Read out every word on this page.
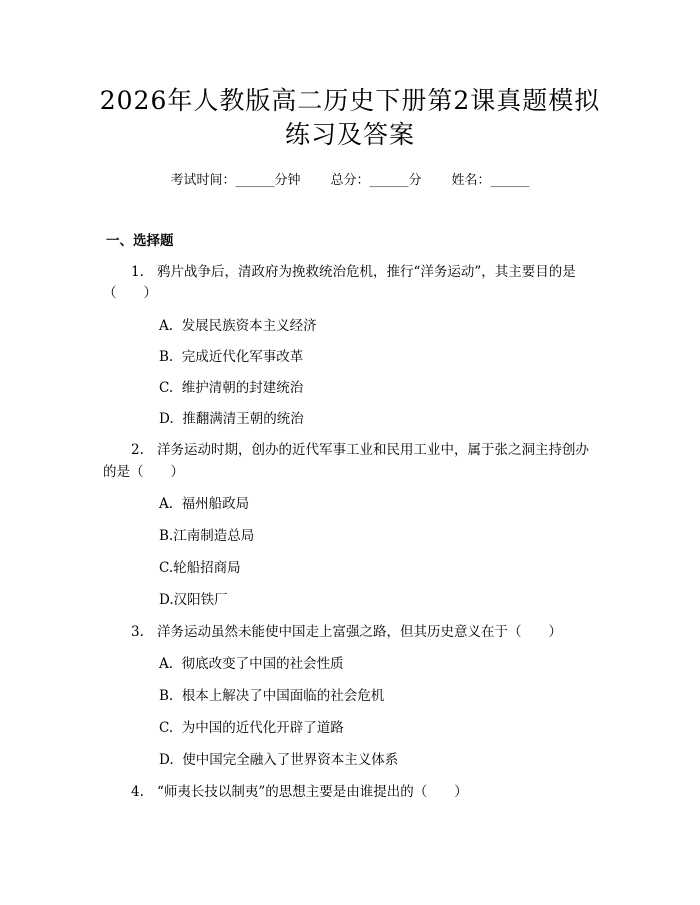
2026年人教版高二历史下册第2课真题模拟
练习及答案
考试时间：______分钟 总分：______分 姓名：______
一、选择题
1. 鸦片战争后，清政府为挽救统治危机，推行“洋务运动”，其主要目的是
（　　）
A.  发展民族资本主义经济
B.  完成近代化军事改革
C.  维护清朝的封建统治
D.  推翻满清王朝的统治
2. 洋务运动时期，创办的近代军事工业和民用工业中，属于张之洞主持创办
的是（　　）
A.  福州船政局
B.江南制造总局
C.轮船招商局
D.汉阳铁厂
3. 洋务运动虽然未能使中国走上富强之路，但其历史意义在于（　　）
A.  彻底改变了中国的社会性质
B.  根本上解决了中国面临的社会危机
C.  为中国的近代化开辟了道路
D.  使中国完全融入了世界资本主义体系
4. “师夷长技以制夷”的思想主要是由谁提出的（　　）
